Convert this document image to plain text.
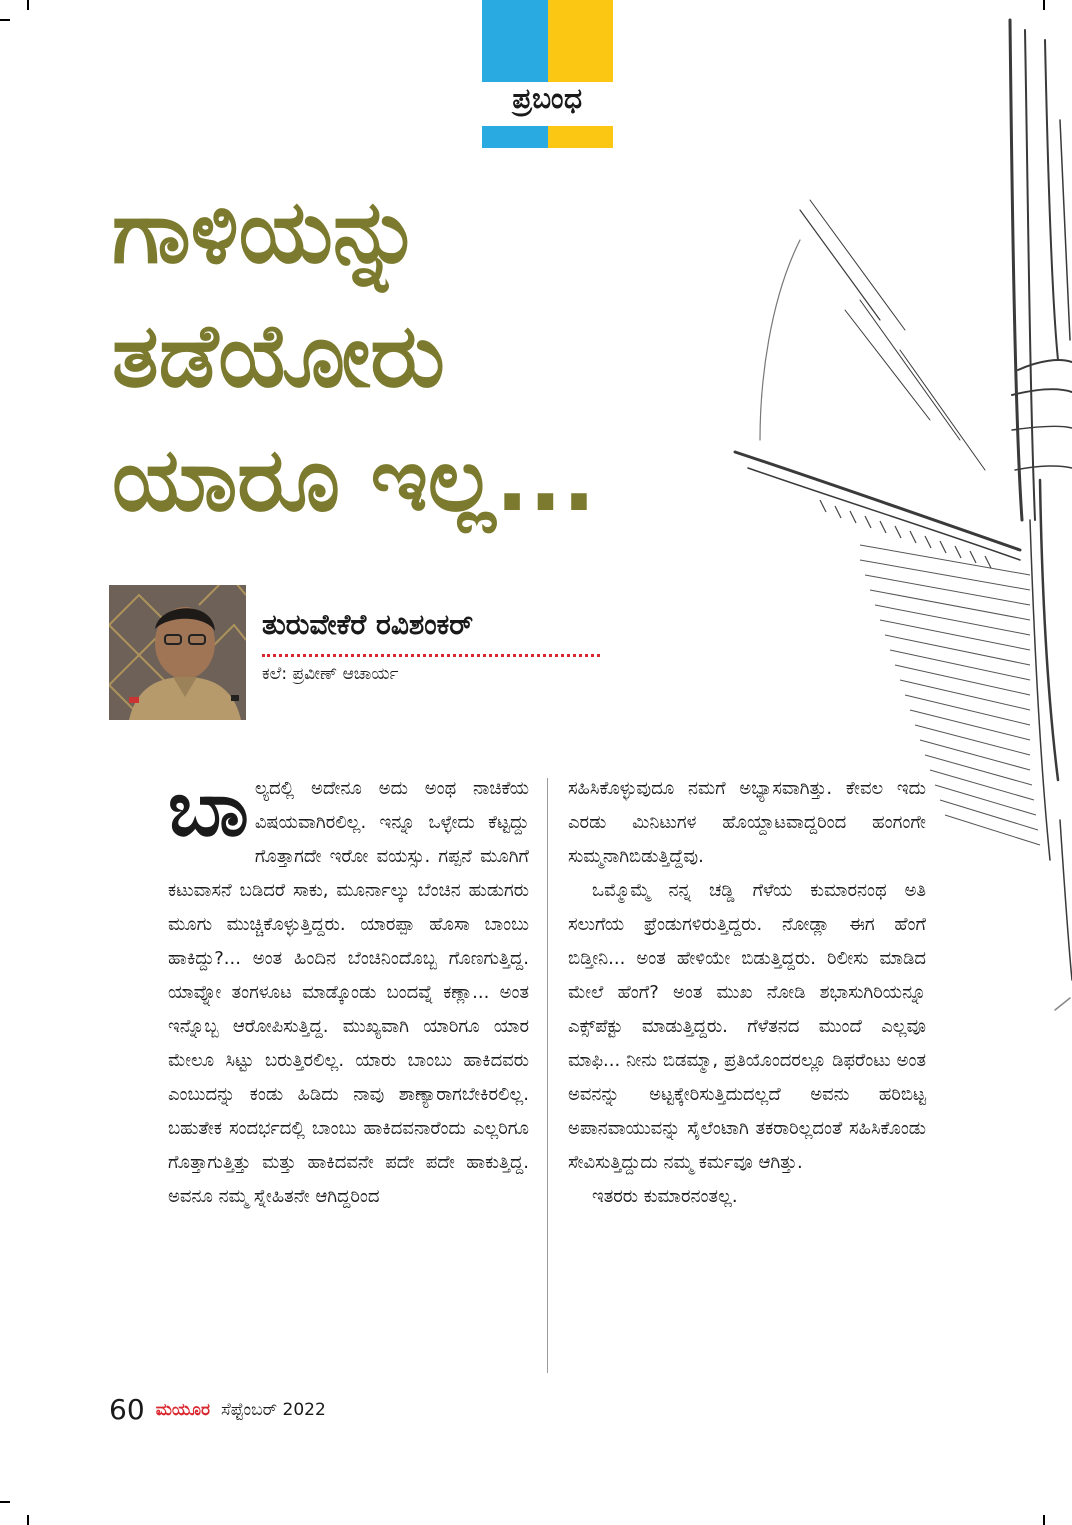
ಪ್ರಬಂಧ
ಗಾಳಿಯನ್ನು
ತಡೆಯೋರು
ಯಾರೂ ಇಲ್ಲ...
ತುರುವೇಕೆರೆ ರವಿಶಂಕರ್
ಕಲೆ: ಪ್ರವೀಣ್ ಆಚಾರ್ಯ

ಬಾಲ್ಯದಲ್ಲಿ ಅದೇನೂ ಅದು ಅಂಥ ನಾಚಿಕೆಯ ವಿಷಯವಾಗಿರಲಿಲ್ಲ. ಇನ್ನೂ ಒಳ್ಳೇದು ಕೆಟ್ಟದ್ದು ಗೊತ್ತಾಗದೇ ಇರೋ ವಯಸ್ಸು. ಗಪ್ಪನೆ ಮೂಗಿಗೆ ಕಟುವಾಸನೆ ಬಡಿದರೆ ಸಾಕು, ಮೂರ್ನಾಲ್ಕು ಬೆಂಚಿನ ಹುಡುಗರು ಮೂಗು ಮುಚ್ಚಿಕೊಳ್ಳುತ್ತಿದ್ದರು. ಯಾರಪ್ಪಾ ಹೊಸಾ ಬಾಂಬು ಹಾಕಿದ್ದು?... ಅಂತ ಹಿಂದಿನ ಬೆಂಚಿನಿಂದೊಬ್ಬ ಗೊಣಗುತ್ತಿದ್ದ. ಯಾವ್ನೋ ತಂಗಳೂಟ ಮಾಡ್ಕೊಂಡು ಬಂದವ್ನೆ ಕಣ್ಲಾ... ಅಂತ ಇನ್ನೊಬ್ಬ ಆರೋಪಿಸುತ್ತಿದ್ದ. ಮುಖ್ಯವಾಗಿ ಯಾರಿಗೂ ಯಾರ ಮೇಲೂ ಸಿಟ್ಟು ಬರುತ್ತಿರಲಿಲ್ಲ. ಯಾರು ಬಾಂಬು ಹಾಕಿದವರು ಎಂಬುದನ್ನು ಕಂಡು ಹಿಡಿದು ನಾವು ಶಾಣ್ಯಾರಾಗಬೇಕಿರಲಿಲ್ಲ. ಬಹುತೇಕ ಸಂದರ್ಭದಲ್ಲಿ ಬಾಂಬು ಹಾಕಿದವನಾರೆಂದು ಎಲ್ಲರಿಗೂ ಗೊತ್ತಾಗುತ್ತಿತ್ತು ಮತ್ತು ಹಾಕಿದವನೇ ಪದೇ ಪದೇ ಹಾಕುತ್ತಿದ್ದ. ಅವನೂ ನಮ್ಮ ಸ್ನೇಹಿತನೇ ಆಗಿದ್ದರಿಂದ

ಸಹಿಸಿಕೊಳ್ಳುವುದೂ ನಮಗೆ ಅಭ್ಯಾಸವಾಗಿತ್ತು. ಕೇವಲ ಇದು ಎರಡು ಮಿನಿಟುಗಳ ಹೊಯ್ದಾಟವಾದ್ದರಿಂದ ಹಂಗಂಗೇ ಸುಮ್ಮನಾಗಿಬಿಡುತ್ತಿದ್ದೆವು.

ಒಮ್ಮೊಮ್ಮೆ ನನ್ನ ಚಡ್ಡಿ ಗೆಳೆಯ ಕುಮಾರನಂಥ ಅತಿ ಸಲುಗೆಯ ಫ್ರೆಂಡುಗಳಿರುತ್ತಿದ್ದರು. ನೋಡ್ಲಾ ಈಗ ಹೆಂಗೆ ಬಿಡ್ತೀನಿ... ಅಂತ ಹೇಳಿಯೇ ಬಿಡುತ್ತಿದ್ದರು. ರಿಲೀಸು ಮಾಡಿದ ಮೇಲೆ ಹೆಂಗೆ? ಅಂತ ಮುಖ ನೋಡಿ ಶಭಾಸುಗಿರಿಯನ್ನೂ ಎಕ್ಸ್‌ಪೆಕ್ಟು ಮಾಡುತ್ತಿದ್ದರು. ಗೆಳೆತನದ ಮುಂದೆ ಎಲ್ಲವೂ ಮಾಫಿ... ನೀನು ಬಿಡಮ್ಮಾ, ಪ್ರತಿಯೊಂದರಲ್ಲೂ ಡಿಫರೆಂಟು ಅಂತ ಅವನನ್ನು ಅಟ್ಟಕ್ಕೇರಿಸುತ್ತಿದುದಲ್ಲದೆ ಅವನು ಹರಿಬಿಟ್ಟ ಅಪಾನವಾಯುವನ್ನು ಸೈಲೆಂಟಾಗಿ ತಕರಾರಿಲ್ಲದಂತೆ ಸಹಿಸಿಕೊಂಡು ಸೇವಿಸುತ್ತಿದ್ದುದು ನಮ್ಮ ಕರ್ಮವೂ ಆಗಿತ್ತು.

ಇತರರು ಕುಮಾರನಂತಲ್ಲ.

60 ಮಯೂರ ಸೆಪ್ಟೆಂಬರ್ 2022
